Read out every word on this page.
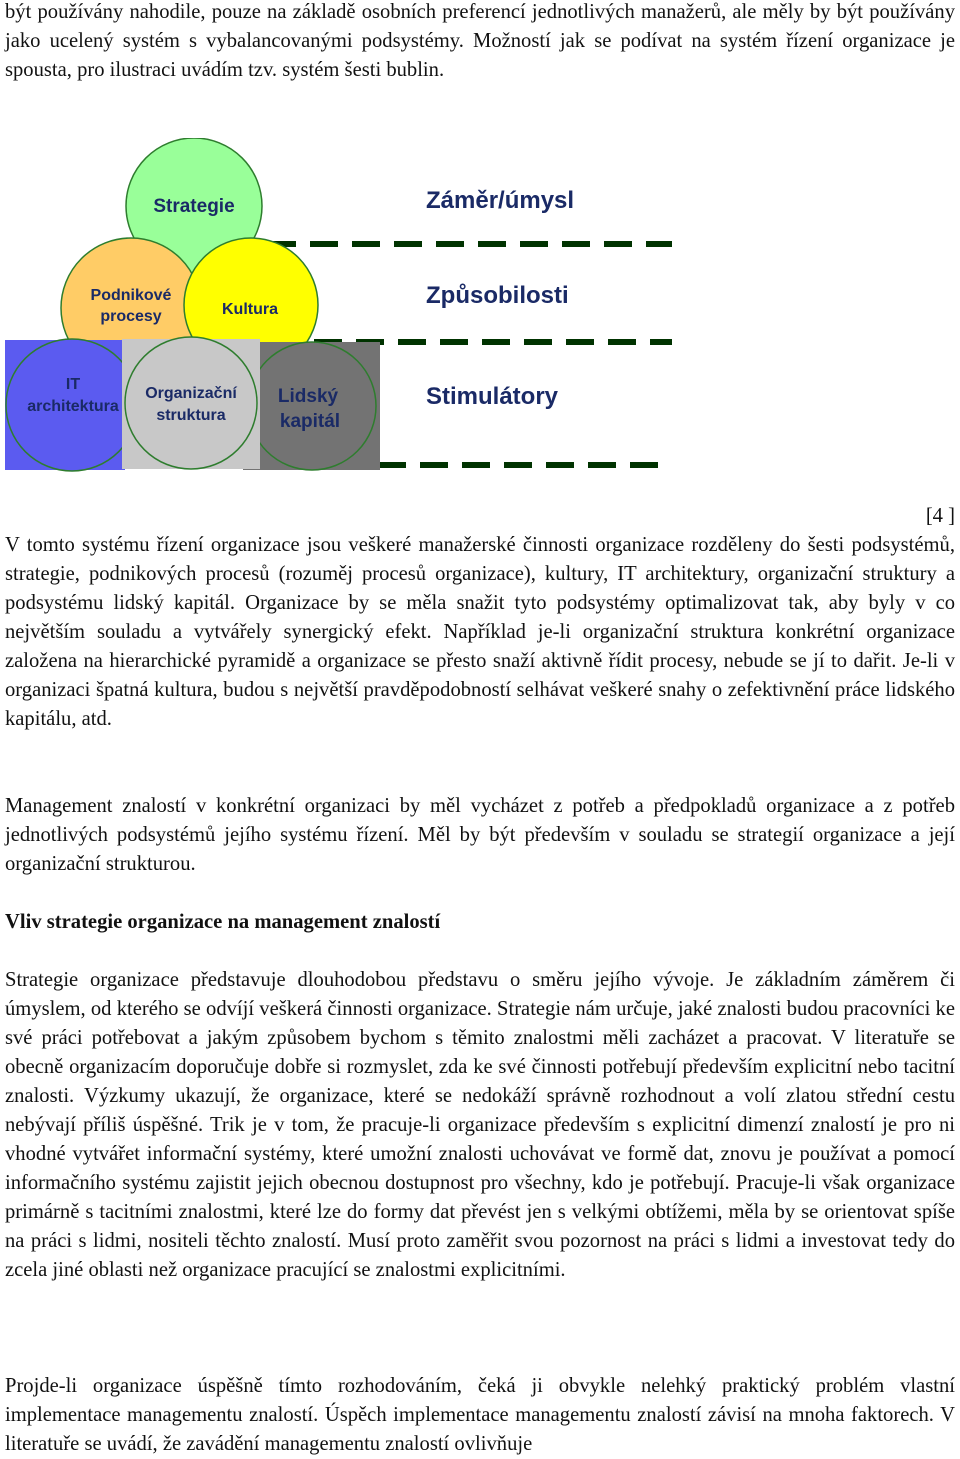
být používány nahodile, pouze na základě osobních preferencí jednotlivých manažerů, ale měly by být používány jako ucelený systém s vybalancovanými podsystémy. Možností jak se podívat na systém řízení organizace je spousta, pro ilustraci uvádím tzv. systém šesti bublin.

Strategie
Podnikové
procesy	Kultura
IT
architektura
Organizační
struktura
Lidský
kapitál
Záměr/úmysl
Způsobilosti
Stimulátory
[4 ]

V tomto systému řízení organizace jsou veškeré manažerské činnosti organizace rozděleny do šesti podsystémů, strategie, podnikových procesů (rozuměj procesů organizace), kultury, IT architektury, organizační struktury a podsystému lidský kapitál. Organizace by se měla snažit tyto podsystémy optimalizovat tak, aby byly v co největším souladu a vytvářely synergický efekt. Například je-li organizační struktura konkrétní organizace založena na hierarchické pyramidě a organizace se přesto snaží aktivně řídit procesy, nebude se jí to dařit. Je-li v organizaci špatná kultura, budou s největší pravděpodobností selhávat veškeré snahy o zefektivnění práce lidského kapitálu, atd.

Management znalostí v konkrétní organizaci by měl vycházet z potřeb a předpokladů organizace a z potřeb jednotlivých podsystémů jejího systému řízení. Měl by být především v souladu se strategií organizace a její organizační strukturou.

Vliv strategie organizace na management znalostí

Strategie organizace představuje dlouhodobou představu o směru jejího vývoje. Je základním záměrem či úmyslem, od kterého se odvíjí veškerá činnosti organizace. Strategie nám určuje, jaké znalosti budou pracovníci ke své práci potřebovat a jakým způsobem bychom s těmito znalostmi měli zacházet a pracovat. V literatuře se obecně organizacím doporučuje dobře si rozmyslet, zda ke své činnosti potřebují především explicitní nebo tacitní znalosti. Výzkumy ukazují, že organizace, které se nedokáží správně rozhodnout a volí zlatou střední cestu nebývají příliš úspěšné. Trik je v tom, že pracuje-li organizace především s explicitní dimenzí znalostí je pro ni vhodné vytvářet informační systémy, které umožní znalosti uchovávat ve formě dat, znovu je používat a pomocí informačního systému zajistit jejich obecnou dostupnost pro všechny, kdo je potřebují. Pracuje-li však organizace primárně s tacitními znalostmi, které lze do formy dat převést jen s velkými obtížemi, měla by se orientovat spíše na práci s lidmi, nositeli těchto znalostí. Musí proto zaměřit svou pozornost na práci s lidmi a investovat tedy do zcela jiné oblasti než organizace pracující se znalostmi explicitními.

Projde-li organizace úspěšně tímto rozhodováním, čeká ji obvykle nelehký praktický problém vlastní implementace managementu znalostí. Úspěch implementace managementu znalostí závisí na mnoha faktorech. V literatuře se uvádí, že zavádění managementu znalostí ovlivňuje
